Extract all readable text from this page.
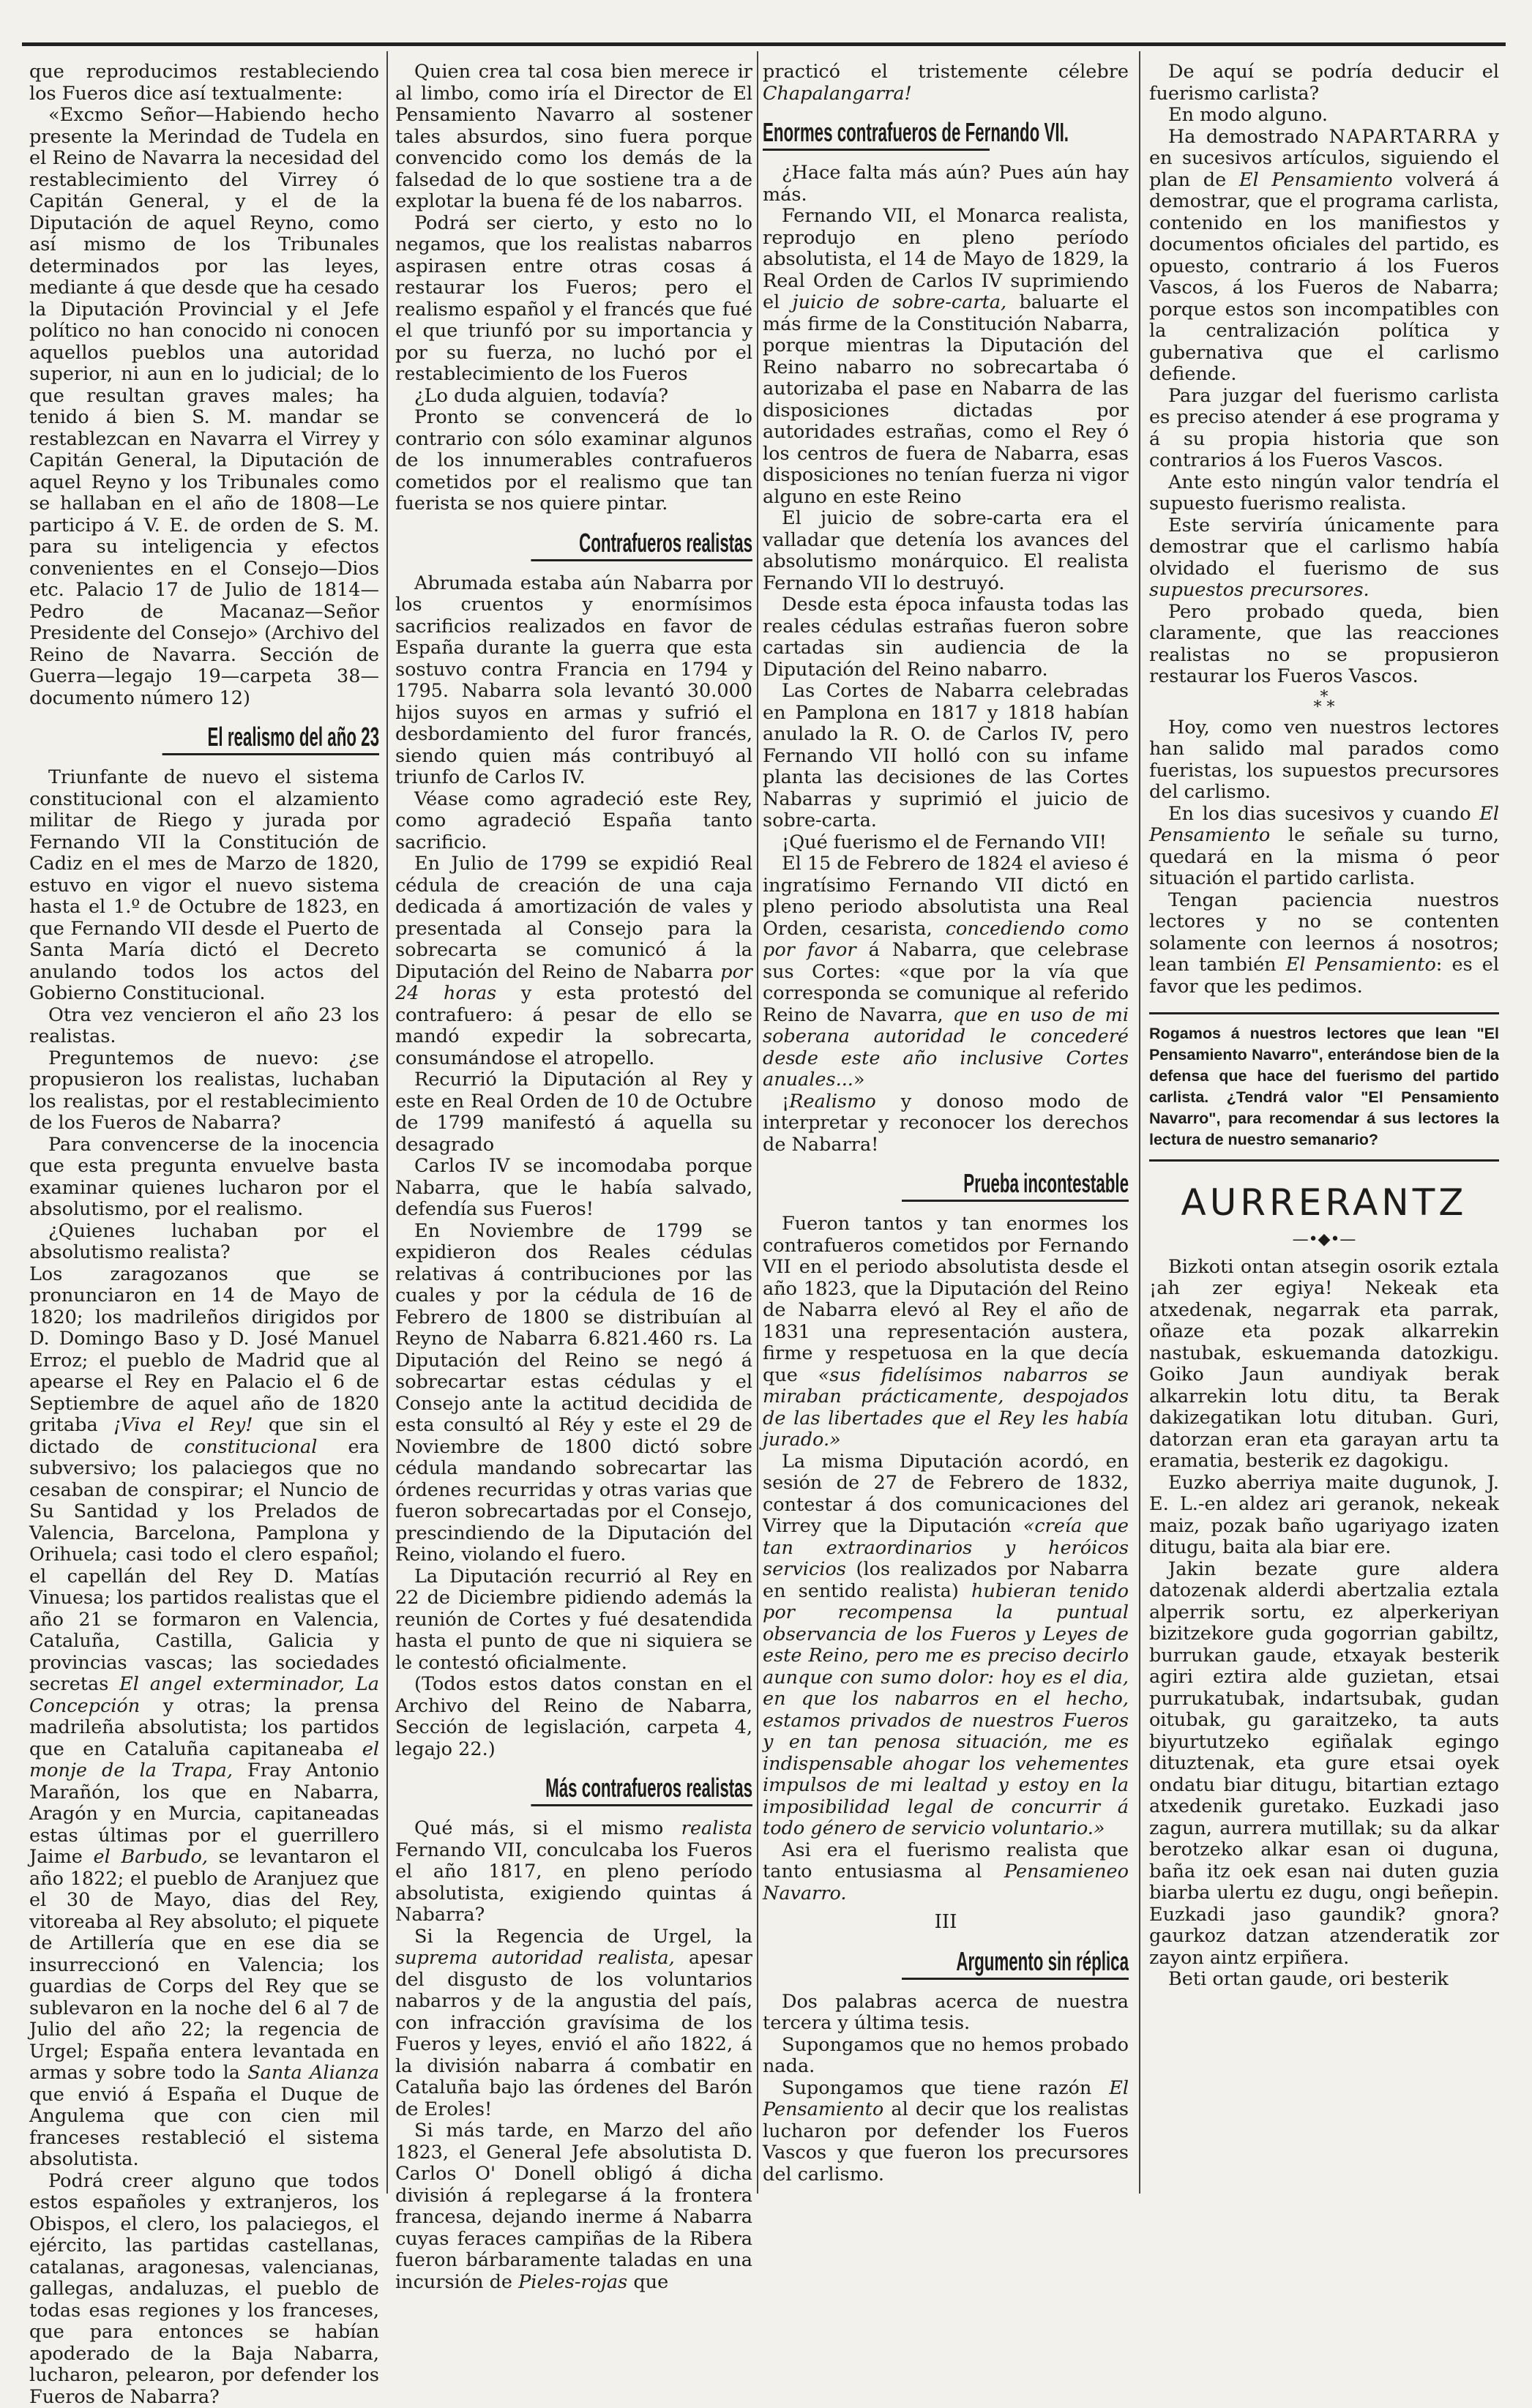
que reproducimos restableciendo los Fueros dice así textualmente:

«Excmo Señor—Habiendo hecho presente la Merindad de Tudela en el Reino de Navarra la necesidad del restablecimiento del Virrey ó Capitán General, y el de la Diputación de aquel Reyno, como así mismo de los Tribunales determinados por las leyes, mediante á que desde que ha cesado la Diputación Provincial y el Jefe político no han conocido ni conocen aquellos pueblos una autoridad superior, ni aun en lo judicial; de lo que resultan graves males; ha tenido á bien S. M. mandar se restablezcan en Navarra el Virrey y Capitán General, la Diputación de aquel Reyno y los Tribunales como se hallaban en el año de 1808—Le participo á V. E. de orden de S. M. para su inteligencia y efectos convenientes en el Consejo—Dios etc. Palacio 17 de Julio de 1814—Pedro de Macanaz—Señor Presidente del Consejo» (Archivo del Reino de Navarra. Sección de Guerra—legajo 19—carpeta 38—documento número 12)

El realismo del año 23

Triunfante de nuevo el sistema constitucional con el alzamiento militar de Riego y jurada por Fernando VII la Constitución de Cadiz en el mes de Marzo de 1820, estuvo en vigor el nuevo sistema hasta el 1.º de Octubre de 1823, en que Fernando VII desde el Puerto de Santa María dictó el Decreto anulando todos los actos del Gobierno Constitucional.

Otra vez vencieron el año 23 los realistas.

Preguntemos de nuevo: ¿se propusieron los realistas, luchaban los realistas, por el restablecimiento de los Fueros de Nabarra?

Para convencerse de la inocencia que esta pregunta envuelve basta examinar quienes lucharon por el absolutismo, por el realismo.

¿Quienes luchaban por el absolutismo realista?

Los zaragozanos que se pronunciaron en 14 de Mayo de 1820; los madrileños dirigidos por D. Domingo Baso y D. José Manuel Erroz; el pueblo de Madrid que al apearse el Rey en Palacio el 6 de Septiembre de aquel año de 1820 gritaba ¡Viva el Rey! que sin el dictado de constitucional era subversivo; los palaciegos que no cesaban de conspirar; el Nuncio de Su Santidad y los Prelados de Valencia, Barcelona, Pamplona y Orihuela; casi todo el clero español; el capellán del Rey D. Matías Vinuesa; los partidos realistas que el año 21 se formaron en Valencia, Cataluña, Castilla, Galicia y provincias vascas; las sociedades secretas El angel exterminador, La Concepción y otras; la prensa madrileña absolutista; los partidos que en Cataluña capitaneaba el monje de la Trapa, Fray Antonio Marañón, los que en Nabarra, Aragón y en Murcia, capitaneadas estas últimas por el guerrillero Jaime el Barbudo, se levantaron el año 1822; el pueblo de Aranjuez que el 30 de Mayo, dias del Rey, vitoreaba al Rey absoluto; el piquete de Artillería que en ese dia se insurreccionó en Valencia; los guardias de Corps del Rey que se sublevaron en la noche del 6 al 7 de Julio del año 22; la regencia de Urgel; España entera levantada en armas y sobre todo la Santa Alianza que envió á España el Duque de Angulema que con cien mil franceses restableció el sistema absolutista.

Podrá creer alguno que todos estos españoles y extranjeros, los Obispos, el clero, los palaciegos, el ejército, las partidas castellanas, catalanas, aragonesas, valencianas, gallegas, andaluzas, el pueblo de todas esas regiones y los franceses, que para entonces se habían apoderado de la Baja Nabarra, lucharon, pelearon, por defender los Fueros de Nabarra?

Quien crea tal cosa bien merece ir al limbo, como iría el Director de El Pensamiento Navarro al sostener tales absurdos, sino fuera porque convencido como los demás de la falsedad de lo que sostiene tra a de explotar la buena fé de los nabarros.

Podrá ser cierto, y esto no lo negamos, que los realistas nabarros aspirasen entre otras cosas á restaurar los Fueros; pero el realismo español y el francés que fué el que triunfó por su importancia y por su fuerza, no luchó por el restablecimiento de los Fueros

¿Lo duda alguien, todavía?

Pronto se convencerá de lo contrario con sólo examinar algunos de los innumerables contrafueros cometidos por el realismo que tan fuerista se nos quiere pintar.

Contrafueros realistas

Abrumada estaba aún Nabarra por los cruentos y enormísimos sacrificios realizados en favor de España durante la guerra que esta sostuvo contra Francia en 1794 y 1795. Nabarra sola levantó 30.000 hijos suyos en armas y sufrió el desbordamiento del furor francés, siendo quien más contribuyó al triunfo de Carlos IV.

Véase como agradeció este Rey, como agradeció España tanto sacrificio.

En Julio de 1799 se expidió Real cédula de creación de una caja dedicada á amortización de vales y presentada al Consejo para la sobrecarta se comunicó á la Diputación del Reino de Nabarra por 24 horas y esta protestó del contrafuero: á pesar de ello se mandó expedir la sobrecarta, consumándose el atropello.

Recurrió la Diputación al Rey y este en Real Orden de 10 de Octubre de 1799 manifestó á aquella su desagrado

Carlos IV se incomodaba porque Nabarra, que le había salvado, defendía sus Fueros!

En Noviembre de 1799 se expidieron dos Reales cédulas relativas á contribuciones por las cuales y por la cédula de 16 de Febrero de 1800 se distribuían al Reyno de Nabarra 6.821.460 rs. La Diputación del Reino se negó á sobrecartar estas cédulas y el Consejo ante la actitud decidida de esta consultó al Réy y este el 29 de Noviembre de 1800 dictó sobre cédula mandando sobrecartar las órdenes recurridas y otras varias que fueron sobrecartadas por el Consejo, prescindiendo de la Diputación del Reino, violando el fuero.

La Diputación recurrió al Rey en 22 de Diciembre pidiendo además la reunión de Cortes y fué desatendida hasta el punto de que ni siquiera se le contestó oficialmente.

(Todos estos datos constan en el Archivo del Reino de Nabarra, Sección de legislación, carpeta 4, legajo 22.)

Más contrafueros realistas

Qué más, si el mismo realista Fernando VII, conculcaba los Fueros el año 1817, en pleno período absolutista, exigiendo quintas á Nabarra?

Si la Regencia de Urgel, la suprema autoridad realista, apesar del disgusto de los voluntarios nabarros y de la angustia del país, con infracción gravísima de los Fueros y leyes, envió el año 1822, á la división nabarra á combatir en Cataluña bajo las órdenes del Barón de Eroles!

Si más tarde, en Marzo del año 1823, el General Jefe absolutista D. Carlos O' Donell obligó á dicha división á replegarse á la frontera francesa, dejando inerme á Nabarra cuyas feraces campiñas de la Ribera fueron bárbaramente taladas en una incursión de Pieles-rojas que

practicó el tristemente célebre Chapalangarra!

Enormes contrafueros de Fernando VII.

¿Hace falta más aún? Pues aún hay más.

Fernando VII, el Monarca realista, reprodujo en pleno período absolutista, el 14 de Mayo de 1829, la Real Orden de Carlos IV suprimiendo el juicio de sobre-carta, baluarte el más firme de la Constitución Nabarra, porque mientras la Diputación del Reino nabarro no sobrecartaba ó autorizaba el pase en Nabarra de las disposiciones dictadas por autoridades estrañas, como el Rey ó los centros de fuera de Nabarra, esas disposiciones no tenían fuerza ni vigor alguno en este Reino

El juicio de sobre-carta era el valladar que detenía los avances del absolutismo monárquico. El realista Fernando VII lo destruyó.

Desde esta época infausta todas las reales cédulas estrañas fueron sobre cartadas sin audiencia de la Diputación del Reino nabarro.

Las Cortes de Nabarra celebradas en Pamplona en 1817 y 1818 habían anulado la R. O. de Carlos IV, pero Fernando VII holló con su infame planta las decisiones de las Cortes Nabarras y suprimió el juicio de sobre-carta.

¡Qué fuerismo el de Fernando VII!

El 15 de Febrero de 1824 el avieso é ingratísimo Fernando VII dictó en pleno periodo absolutista una Real Orden, cesarista, concediendo como por favor á Nabarra, que celebrase sus Cortes: «que por la vía que corresponda se comunique al referido Reino de Navarra, que en uso de mi soberana autoridad le concederé desde este año inclusive Cortes anuales...»

¡Realismo y donoso modo de interpretar y reconocer los derechos de Nabarra!

Prueba incontestable

Fueron tantos y tan enormes los contrafueros cometidos por Fernando VII en el periodo absolutista desde el año 1823, que la Diputación del Reino de Nabarra elevó al Rey el año de 1831 una representación austera, firme y respetuosa en la que decía que «sus fidelísimos nabarros se miraban prácticamente, despojados de las libertades que el Rey les había jurado.»

La misma Diputación acordó, en sesión de 27 de Febrero de 1832, contestar á dos comunicaciones del Virrey que la Diputación «creía que tan extraordinarios y heróicos servicios (los realizados por Nabarra en sentido realista) hubieran tenido por recompensa la puntual observancia de los Fueros y Leyes de este Reino, pero me es preciso decirlo aunque con sumo dolor: hoy es el dia, en que los nabarros en el hecho, estamos privados de nuestros Fueros y en tan penosa situación, me es indispensable ahogar los vehementes impulsos de mi lealtad y estoy en la imposibilidad legal de concurrir á todo género de servicio voluntario.»

Asi era el fuerismo realista que tanto entusiasma al Pensamieneo Navarro.

III
Argumento sin réplica

Dos palabras acerca de nuestra tercera y última tesis.

Supongamos que no hemos probado nada.

Supongamos que tiene razón El Pensamiento al decir que los realistas lucharon por defender los Fueros Vascos y que fueron los precursores del carlismo.

De aquí se podría deducir el fuerismo carlista?

En modo alguno.

Ha demostrado NAPARTARRA y en sucesivos artículos, siguiendo el plan de El Pensamiento volverá á demostrar, que el programa carlista, contenido en los manifiestos y documentos oficiales del partido, es opuesto, contrario á los Fueros Vascos, á los Fueros de Nabarra; porque estos son incompatibles con la centralización política y gubernativa que el carlismo defiende.

Para juzgar del fuerismo carlista es preciso atender á ese programa y á su propia historia que son contrarios á los Fueros Vascos.

Ante esto ningún valor tendría el supuesto fuerismo realista.

Este serviría únicamente para demostrar que el carlismo había olvidado el fuerismo de sus supuestos precursores.

Pero probado queda, bien claramente, que las reacciones realistas no se propusieron restaurar los Fueros Vascos.

*
* *

Hoy, como ven nuestros lectores han salido mal parados como fueristas, los supuestos precursores del carlismo.

En los dias sucesivos y cuando El Pensamiento le señale su turno, quedará en la misma ó peor situación el partido carlista.

Tengan paciencia nuestros lectores y no se contenten solamente con leernos á nosotros; lean también El Pensamiento: es el favor que les pedimos.

Rogamos á nuestros lectores que lean "El Pensamiento Navarro", enterándose bien de la defensa que hace del fuerismo del partido carlista. ¿Tendrá valor "El Pensamiento Navarro", para recomendar á sus lectores la lectura de nuestro semanario?
AURRERANTZ
—•◆•—

Bizkoti ontan atsegin osorik eztala ¡ah zer egiya! Nekeak eta atxedenak, negarrak eta parrak, oñaze eta pozak alkarrekin nastubak, eskuemanda datozkigu. Goiko Jaun aundiyak berak alkarrekin lotu ditu, ta Berak dakizegatikan lotu dituban. Guri, datorzan eran eta garayan artu ta eramatia, besterik ez dagokigu.

Euzko aberriya maite dugunok, J. E. L.-en aldez ari geranok, nekeak maiz, pozak baño ugariyago izaten ditugu, baita ala biar ere.

Jakin bezate gure aldera datozenak alderdi abertzalia eztala alperrik sortu, ez alperkeriyan bizitzekore guda gogorrian gabiltz, burrukan gaude, etxayak besterik agiri eztira alde guzietan, etsai purrukatubak, indartsubak, gudan oitubak, gu garaitzeko, ta auts biyurtutzeko egiñalak egingo dituztenak, eta gure etsai oyek ondatu biar ditugu, bitartian eztago atxedenik guretako. Euzkadi jaso zagun, aurrera mutillak; su da alkar berotzeko alkar esan oi duguna, baña itz oek esan nai duten guzia biarba ulertu ez dugu, ongi beñepin. Euzkadi jaso gaundik? gnora? gaurkoz datzan atzenderatik zor zayon aintz erpiñera.

Beti ortan gaude, ori besterik
